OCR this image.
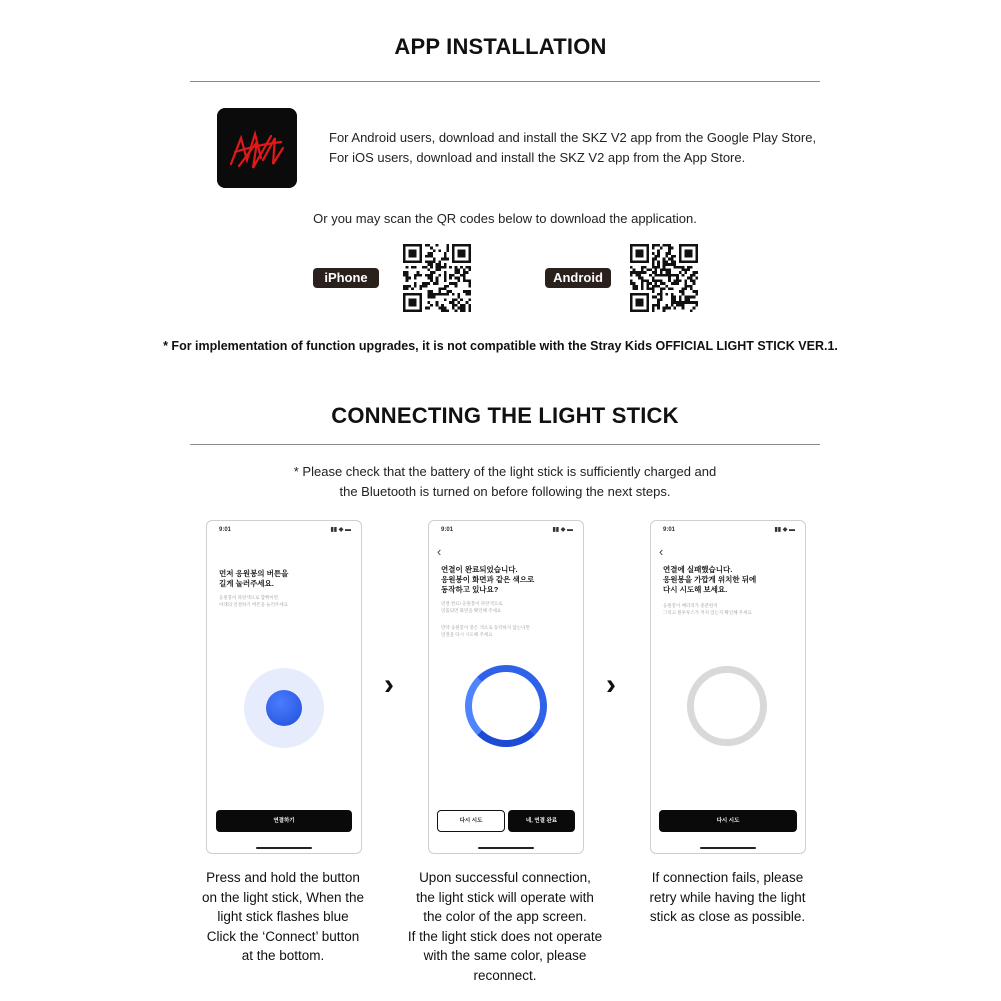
APP INSTALLATION
For Android users, download and install the SKZ V2 app from the Google Play Store,
For iOS users, download and install the SKZ V2 app from the App Store.
Or you may scan the QR codes below to download the application.
iPhone	Android
* For implementation of function upgrades, it is not compatible with the Stray Kids OFFICIAL LIGHT STICK VER.1.
CONNECTING THE LIGHT STICK
* Please check that the battery of the light stick is sufficiently charged and
the Bluetooth is turned on before following the next steps.
9:01	▮▮ ◆ ▬
먼저 응원봉의 버튼을
길게 눌러주세요.
응원봉이 파란색으로 깜빡이면
아래의 연결하기 버튼을 눌러주세요
연결하기
›
9:01	▮▮ ◆ ▬
‹
연결이 완료되었습니다.
응원봉이 화면과 같은 색으로
동작하고 있나요?
연결 완료! 응원봉이 파란색으로
연출되면 화면을 확인해 주세요
만약 응원봉이 같은 색으로 동작하지 않는다면
연결을 다시 시도해 주세요
다시 시도	네, 연결 완료
›
9:01	▮▮ ◆ ▬
‹
연결에 실패했습니다.
응원봉을 가깝게 위치한 뒤에
다시 시도해 보세요.
응원봉이 배터리가 충분한지
그리고 블루투스가 켜져 있는지 확인해 주세요
다시 시도
Press and hold the button
on the light stick, When the
light stick flashes blue
Click the ‘Connect’ button
at the bottom.
Upon successful connection,
the light stick will operate with
the color of the app screen.
If the light stick does not operate
with the same color, please
reconnect.
If connection fails, please
retry while having the light
stick as close as possible.
